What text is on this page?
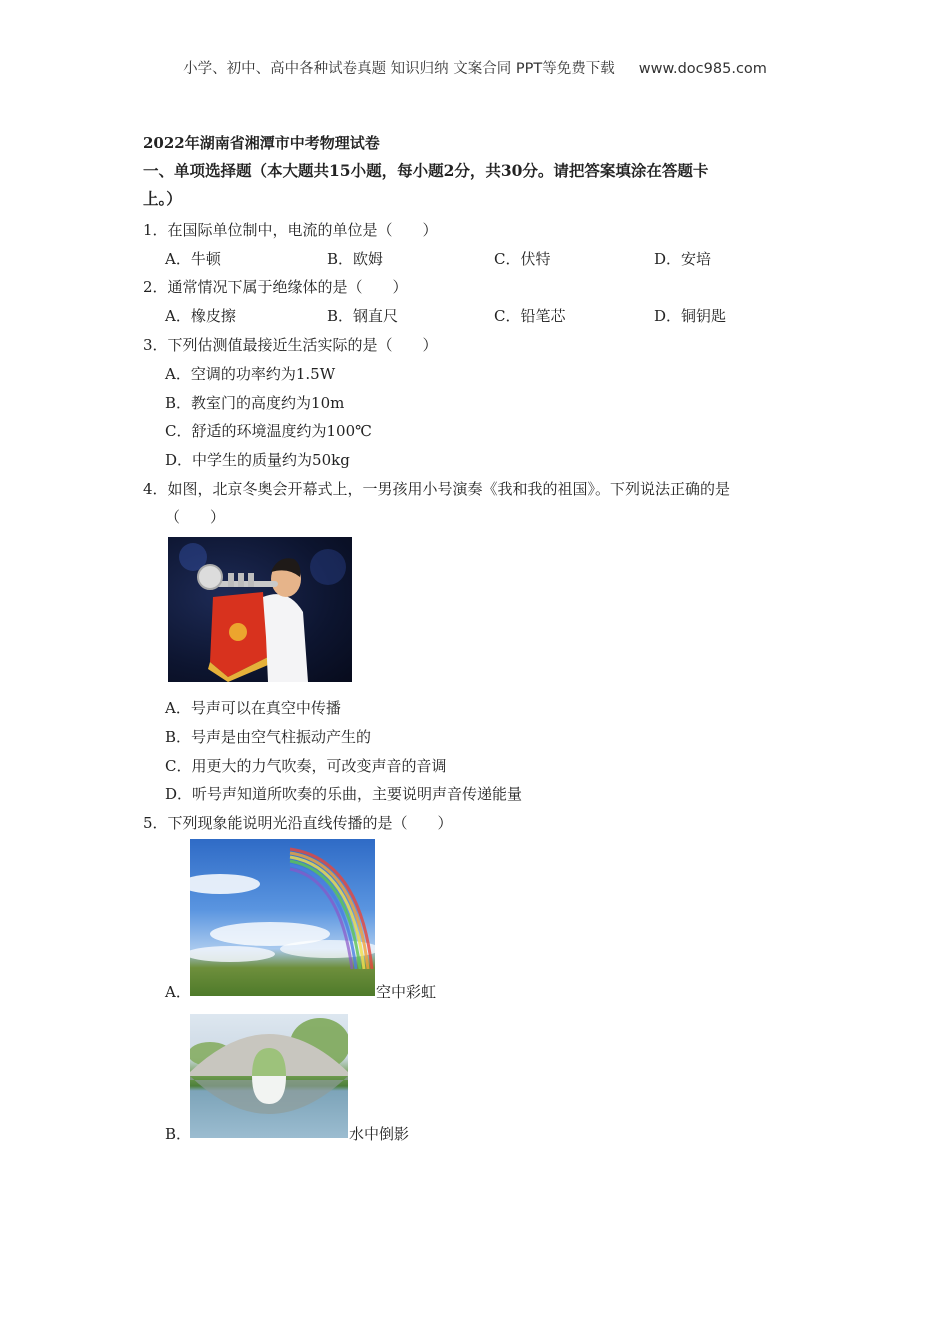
小学、初中、高中各种试卷真题 知识归纳 文案合同 PPT等免费下载 www.doc985.com
2022年湖南省湘潭市中考物理试卷
一、单项选择题（本大题共15小题，每小题2分，共30分。请把答案填涂在答题卡
上。）
1．在国际单位制中，电流的单位是（　　）
A．牛顿	B．欧姆	C．伏特	D．安培
2．通常情况下属于绝缘体的是（　　）
A．橡皮擦	B．钢直尺	C．铅笔芯	D．铜钥匙
3．下列估测值最接近生活实际的是（　　）
A．空调的功率约为1.5W
B．教室门的高度约为10m
C．舒适的环境温度约为100℃
D．中学生的质量约为50kg
4．如图，北京冬奥会开幕式上，一男孩用小号演奏《我和我的祖国》。下列说法正确的是
（　　）
A．号声可以在真空中传播
B．号声是由空气柱振动产生的
C．用更大的力气吹奏，可改变声音的音调
D．听号声知道所吹奏的乐曲，主要说明声音传递能量
5．下列现象能说明光沿直线传播的是（　　）
A．	空中彩虹
B．	水中倒影
